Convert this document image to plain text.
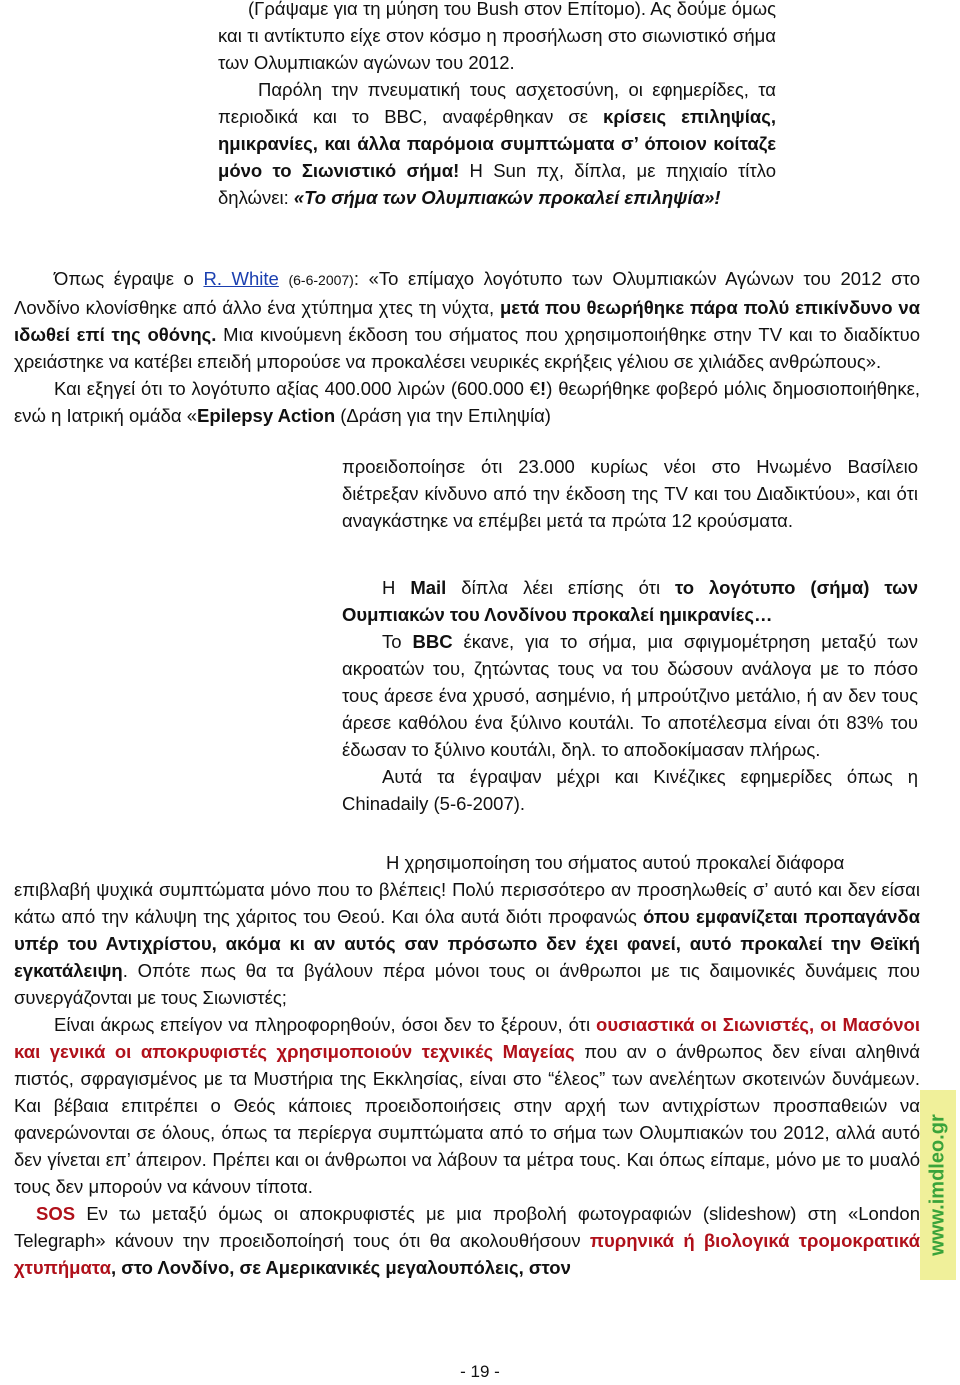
(Γράψαμε για τη μύηση του Bush στον Επίτομο). Ας δούμε όμως και τι αντίκτυπο είχε στον κόσμο η προσήλωση στο σιωνιστικό σήμα των Ολυμπιακών αγώνων του 2012.

Παρόλη την πνευματική τους ασχετοσύνη, οι εφημερίδες, τα περιοδικά και το BBC, αναφέρθηκαν σε κρίσεις επιληψίας, ημικρανίες, και άλλα παρόμοια συμπτώματα σ’ όποιον κοίταζε μόνο το Σιωνιστικό σήμα! Η Sun πχ, δίπλα, με πηχιαίο τίτλο δηλώνει: «Το σήμα των Ολυμπιακών προκαλεί επιληψία»!

Όπως έγραψε ο R. White (6-6-2007): «Το επίμαχο λογότυπο των Ολυμπιακών Αγώνων του 2012 στο Λονδίνο κλονίσθηκε από άλλο ένα χτύπημα χτες τη νύχτα, μετά που θεωρήθηκε πάρα πολύ επικίνδυνο να ιδωθεί επί της οθόνης. Μια κινούμενη έκδοση του σήματος που χρησιμοποιήθηκε στην TV και το διαδίκτυο χρειάστηκε να κατέβει επειδή μπορούσε να προκαλέσει νευρικές εκρήξεις γέλιου σε χιλιάδες ανθρώπους».

Και εξηγεί ότι το λογότυπο αξίας 400.000 λιρών (600.000 €!) θεωρήθηκε φοβερό μόλις δημοσιοποιήθηκε, ενώ η Ιατρική ομάδα «Epilepsy Action (Δράση για την Επιληψία)

προειδοποίησε ότι 23.000 κυρίως νέοι στο Ηνωμένο Βασίλειο διέτρεξαν κίνδυνο από την έκδοση της TV και του Διαδικτύου», και ότι αναγκάστηκε να επέμβει μετά τα πρώτα 12 κρούσματα.

Η Mail δίπλα λέει επίσης ότι το λογότυπο (σήμα) των Ουμπιακών του Λονδίνου προκαλεί ημικρανίες…

Το BBC έκανε, για το σήμα, μια σφιγμομέτρηση μεταξύ των ακροατών του, ζητώντας τους να του δώσουν ανάλογα με το πόσο τους άρεσε ένα χρυσό, ασημένιο, ή μπρούτζινο μετάλιο, ή αν δεν τους άρεσε καθόλου ένα ξύλινο κουτάλι. Το αποτέλεσμα είναι ότι 83% του έδωσαν το ξύλινο κουτάλι, δηλ. το αποδοκίμασαν πλήρως.

Αυτά τα έγραψαν μέχρι και Κινέζικες εφημερίδες όπως η Chinadaily (5-6-2007).

Η χρησιμοποίηση του σήματος αυτού προκαλεί διάφορα
επιβλαβή ψυχικά συμπτώματα μόνο που το βλέπεις! Πολύ περισσότερο αν προσηλωθείς σ’ αυτό και δεν είσαι κάτω από την κάλυψη της χάριτος του Θεού. Και όλα αυτά διότι προφανώς όπου εμφανίζεται προπαγάνδα υπέρ του Αντιχρίστου, ακόμα κι αν αυτός σαν πρόσωπο δεν έχει φανεί, αυτό προκαλεί την Θεϊκή εγκατάλειψη. Οπότε πως θα τα βγάλουν πέρα μόνοι τους οι άνθρωποι με τις δαιμονικές δυνάμεις που συνεργάζονται με τους Σιωνιστές;

Είναι άκρως επείγον να πληροφορηθούν, όσοι δεν το ξέρουν, ότι ουσιαστικά οι Σιωνιστές, οι Μασόνοι και γενικά οι αποκρυφιστές χρησιμοποιούν τεχνικές Μαγείας που αν ο άνθρωπος δεν είναι αληθινά πιστός, σφραγισμένος με τα Μυστήρια της Εκκλησίας, είναι στο “έλεος” των ανελέητων σκοτεινών δυνάμεων. Και βέβαια επιτρέπει ο Θεός κάποιες προειδοποιήσεις στην αρχή των αντιχρίστων προσπαθειών να φανερώνονται σε όλους, όπως τα περίεργα συμπτώματα από το σήμα των Ολυμπιακών του 2012, αλλά αυτό δεν γίνεται επ’ άπειρον. Πρέπει και οι άνθρωποι να λάβουν τα μέτρα τους. Και όπως είπαμε, μόνο με το μυαλό τους δεν μπορούν να κάνουν τίποτα.

SOS Εν τω μεταξύ όμως οι αποκρυφιστές με μια προβολή φωτογραφιών (slideshow) στη «London Telegraph» κάνουν την προειδοποίησή τους ότι θα ακολουθήσουν πυρηνικά ή βιολογικά τρομοκρατικά χτυπήματα, στο Λονδίνο, σε Αμερικανικές μεγαλουπόλεις, στον

www.imdleo.gr
- 19 -
